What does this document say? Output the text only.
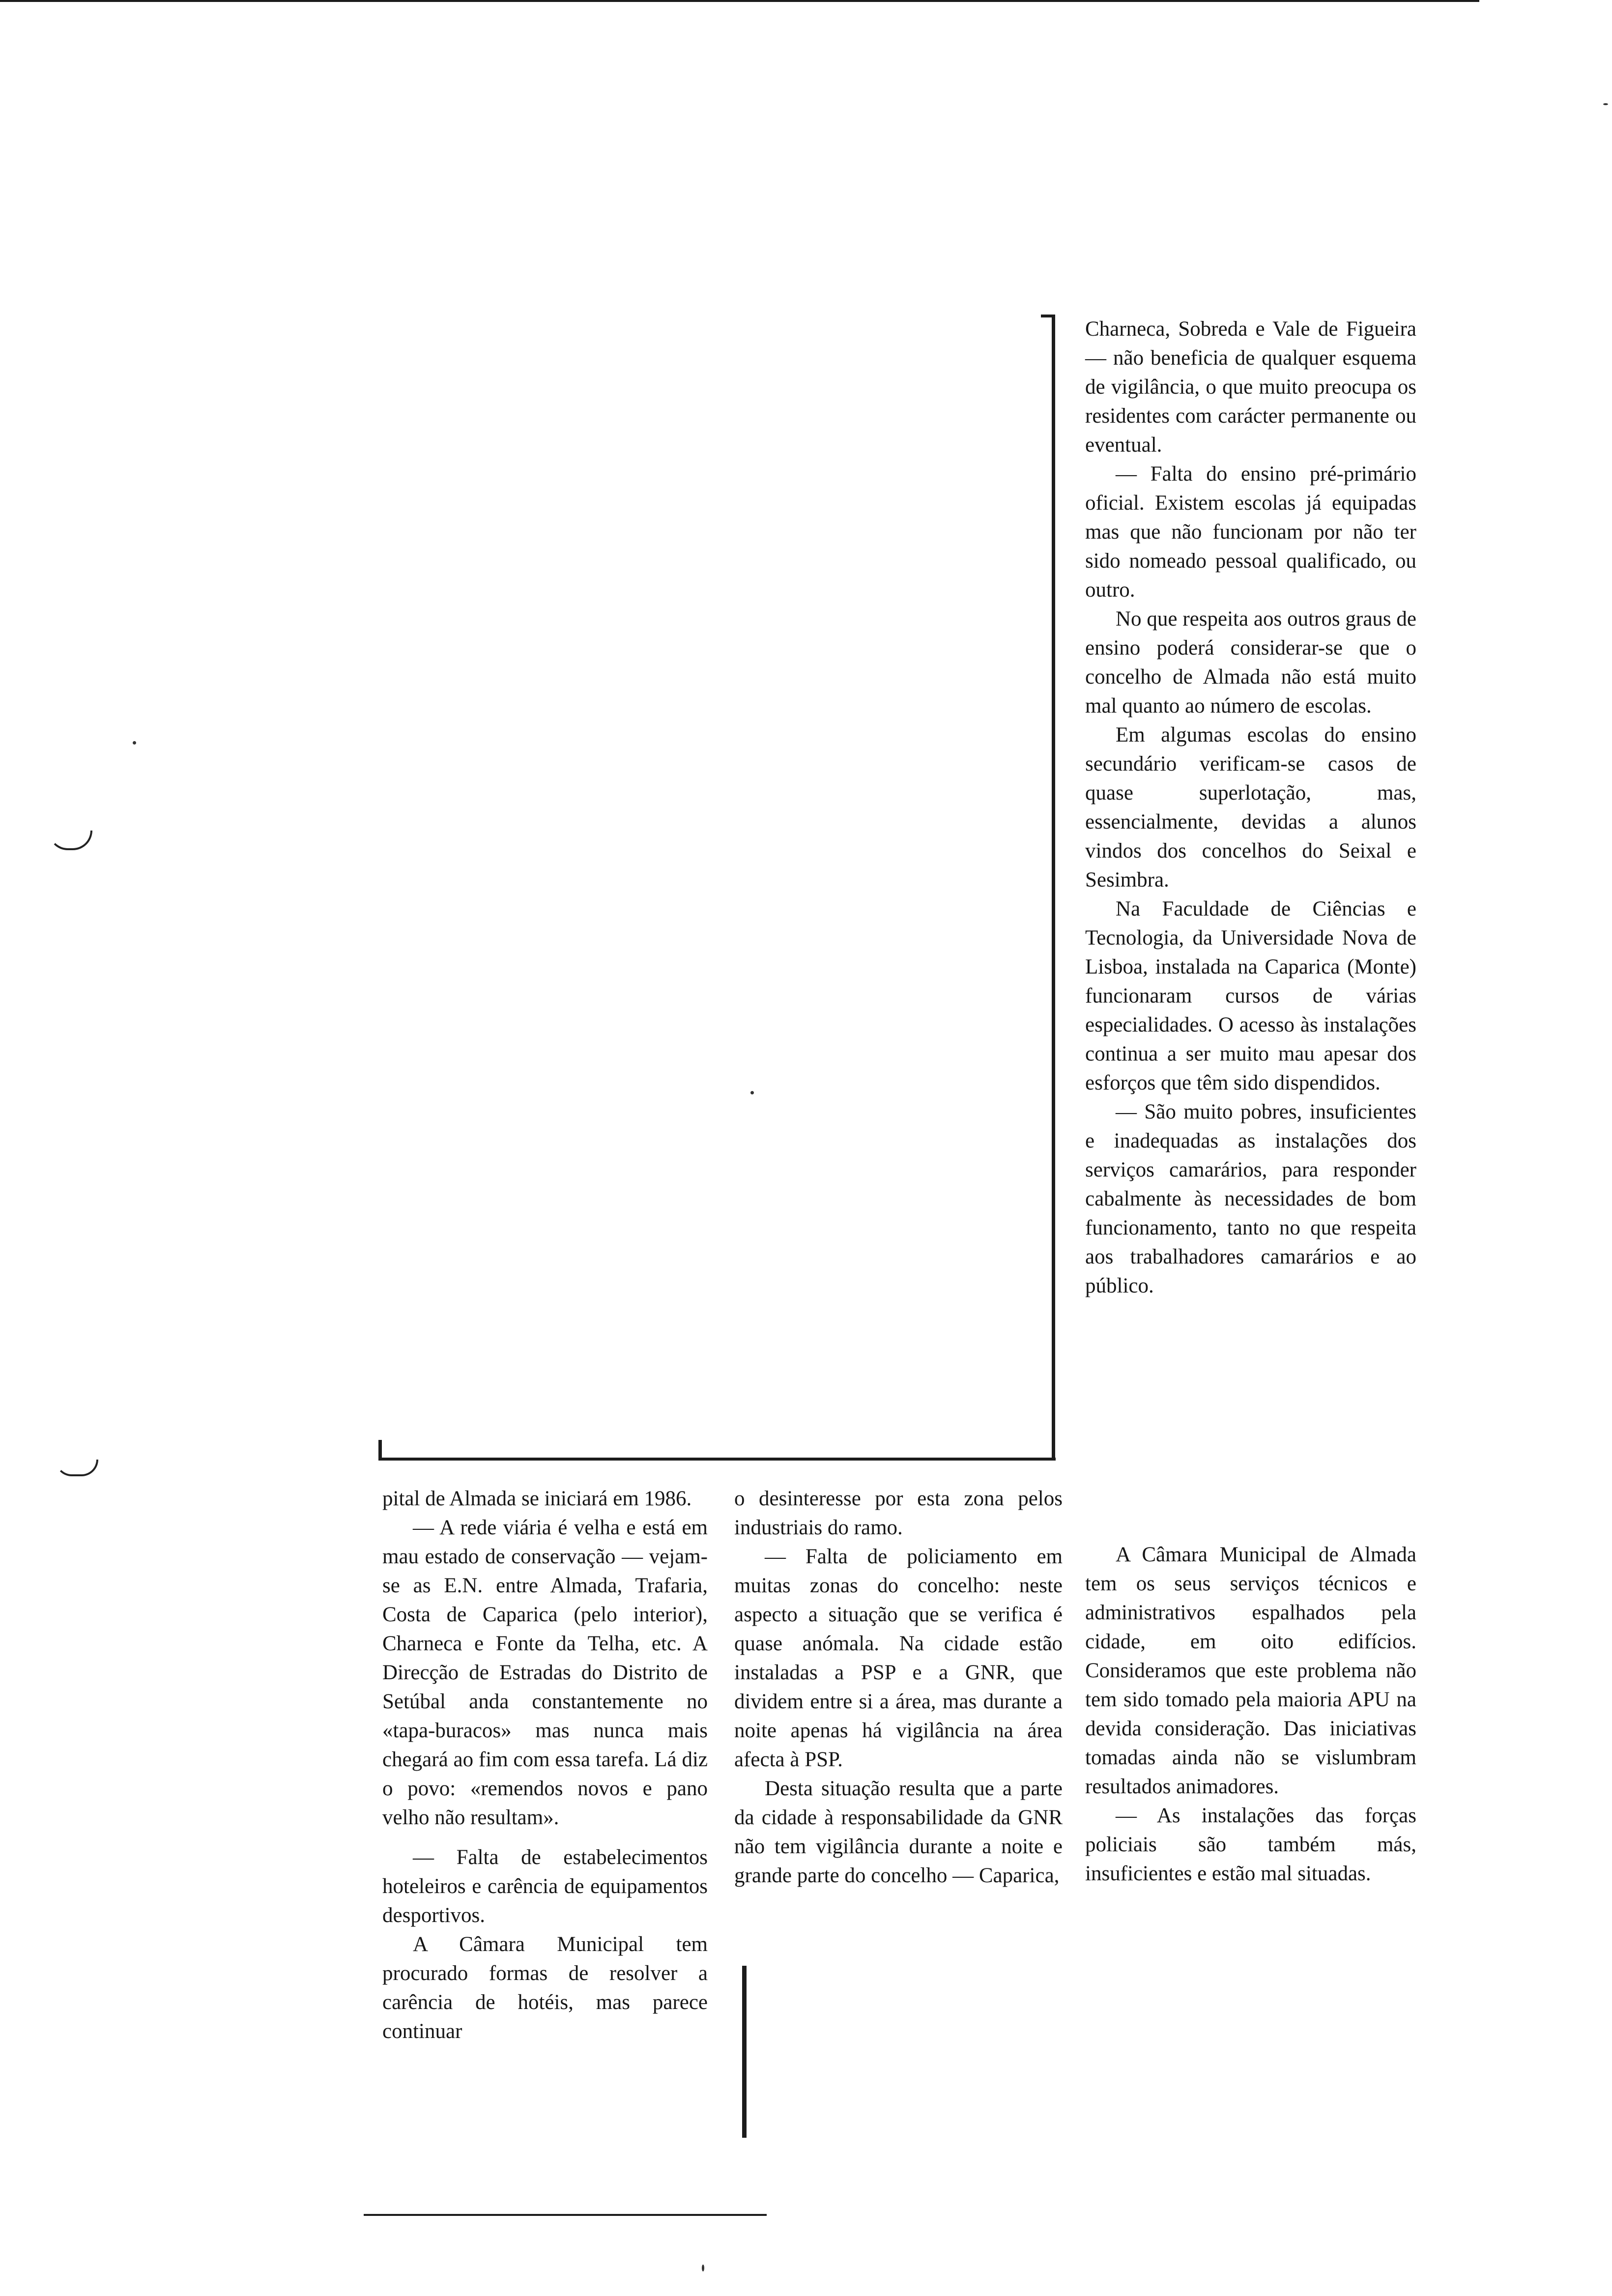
pital de Almada se iniciará em 1986.

— A rede viária é velha e está em mau estado de conservação — vejam-se as E.N. entre Almada, Trafaria, Costa de Caparica (pelo interior), Charneca e Fonte da Telha, etc. A Direcção de Estradas do Distrito de Setúbal anda constantemente no «tapa-buracos» mas nunca mais chegará ao fim com essa tarefa. Lá diz o povo: «remendos novos e pano velho não resultam».

— Falta de estabelecimentos hoteleiros e carência de equipamentos desportivos.

A Câmara Municipal tem procurado formas de resolver a carência de hotéis, mas parece continuar

o desinteresse por esta zona pelos industriais do ramo.

— Falta de policiamento em muitas zonas do concelho: neste aspecto a situação que se verifica é quase anómala. Na cidade estão instaladas a PSP e a GNR, que dividem entre si a área, mas durante a noite apenas há vigilância na área afecta à PSP.

Desta situação resulta que a parte da cidade à responsabilidade da GNR não tem vigilância durante a noite e grande parte do concelho — Caparica,

Charneca, Sobreda e Vale de Figueira — não beneficia de qualquer esquema de vigilância, o que muito preocupa os residentes com carácter permanente ou eventual.

— Falta do ensino pré-primário oficial. Existem escolas já equipadas mas que não funcionam por não ter sido nomeado pessoal qualificado, ou outro.

No que respeita aos outros graus de ensino poderá considerar-se que o concelho de Almada não está muito mal quanto ao número de escolas.

Em algumas escolas do ensino secundário verificam-se casos de quase superlotação, mas, essencialmente, devidas a alunos vindos dos concelhos do Seixal e Sesimbra.

Na Faculdade de Ciências e Tecnologia, da Universidade Nova de Lisboa, instalada na Caparica (Monte) funcionaram cursos de várias especialidades. O acesso às instalações continua a ser muito mau apesar dos esforços que têm sido dispendidos.

— São muito pobres, insuficientes e inadequadas as instalações dos serviços camarários, para responder cabalmente às necessidades de bom funcionamento, tanto no que respeita aos trabalhadores camarários e ao público.

A Câmara Municipal de Almada tem os seus serviços técnicos e administrativos espalhados pela cidade, em oito edifícios. Consideramos que este problema não tem sido tomado pela maioria APU na devida consideração. Das iniciativas tomadas ainda não se vislumbram resultados animadores.

— As instalações das forças policiais são também más, insuficientes e estão mal situadas.
